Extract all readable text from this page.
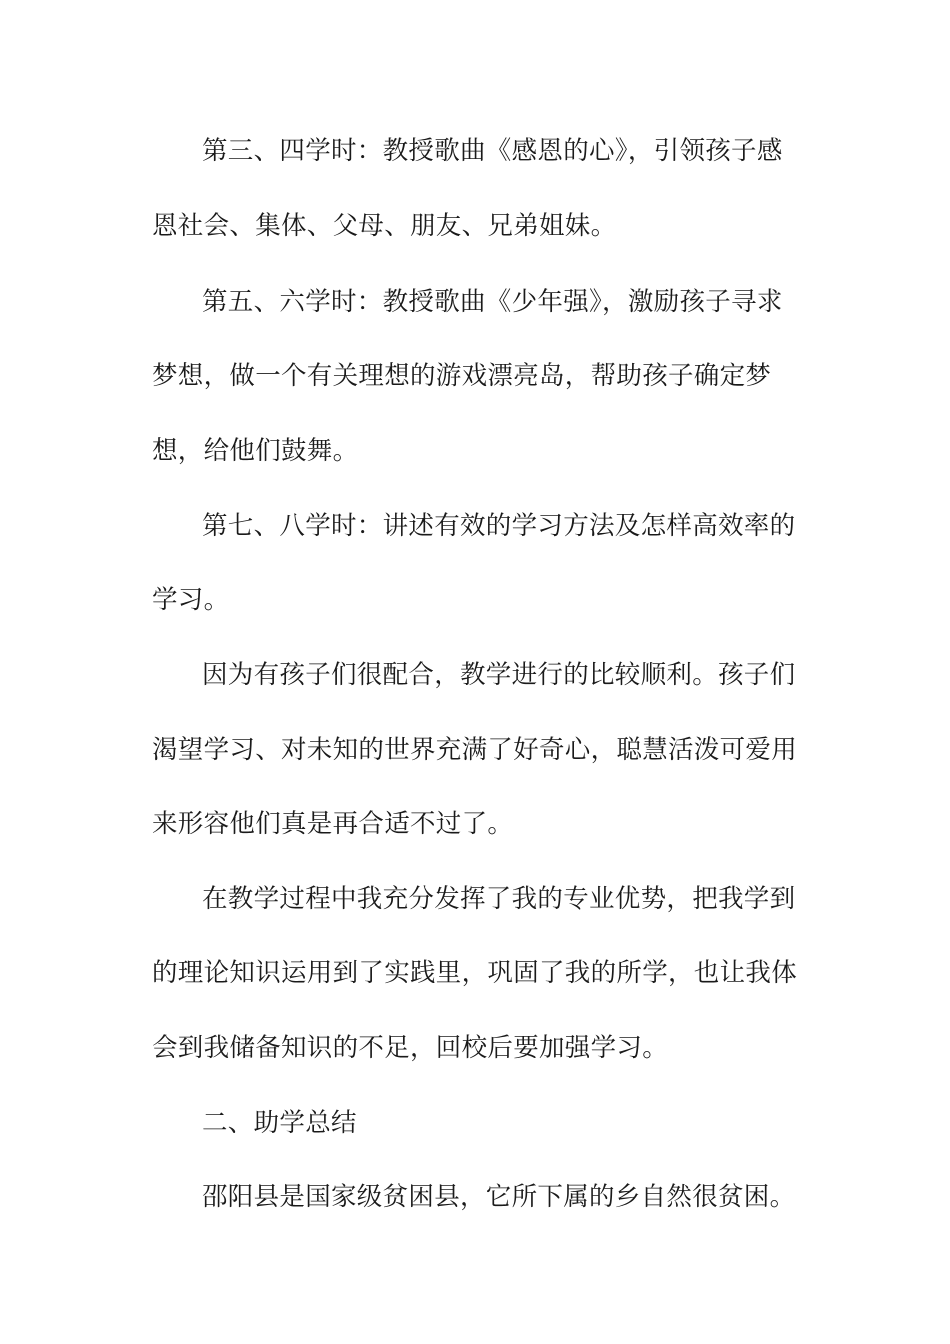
第三、四学时：教授歌曲《感恩的心》，引领孩子感
恩社会、集体、父母、朋友、兄弟姐妹。
第五、六学时：教授歌曲《少年强》，激励孩子寻求
梦想，做一个有关理想的游戏漂亮岛，帮助孩子确定梦
想，给他们鼓舞。
第七、八学时：讲述有效的学习方法及怎样高效率的
学习。
因为有孩子们很配合，教学进行的比较顺利。孩子们
渴望学习、对未知的世界充满了好奇心，聪慧活泼可爱用
来形容他们真是再合适不过了。
在教学过程中我充分发挥了我的专业优势，把我学到
的理论知识运用到了实践里，巩固了我的所学，也让我体
会到我储备知识的不足，回校后要加强学习。
二、助学总结
邵阳县是国家级贫困县，它所下属的乡自然很贫困。
